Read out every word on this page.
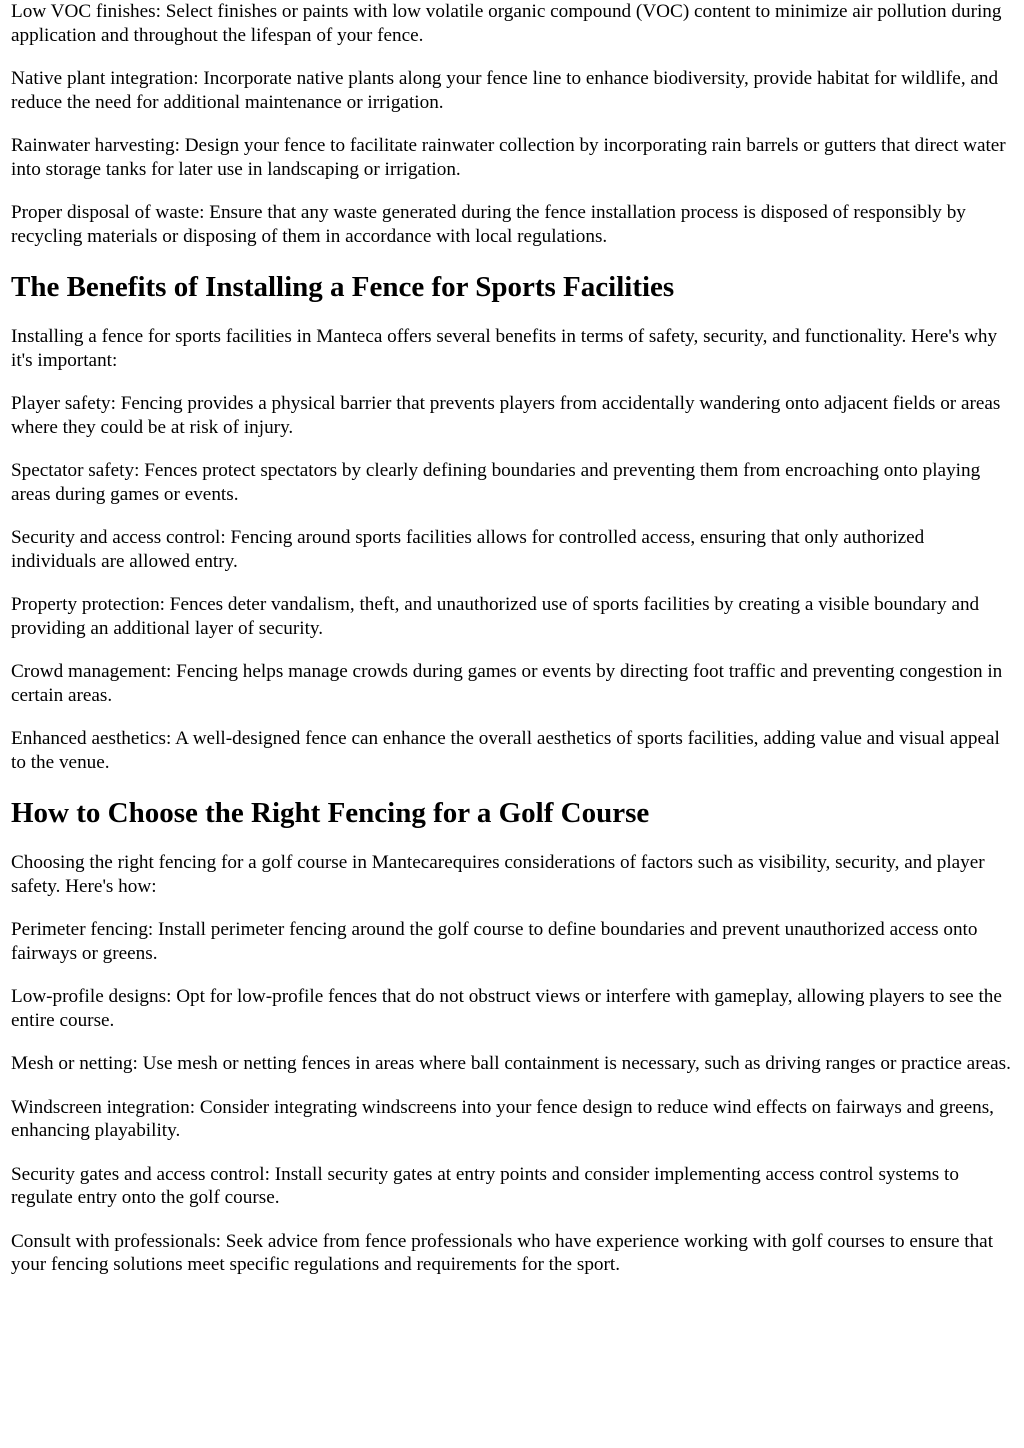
Low VOC finishes: Select finishes or paints with low volatile organic compound (VOC) content to minimize air pollution during application and throughout the lifespan of your fence.

Native plant integration: Incorporate native plants along your fence line to enhance biodiversity, provide habitat for wildlife, and reduce the need for additional maintenance or irrigation.

Rainwater harvesting: Design your fence to facilitate rainwater collection by incorporating rain barrels or gutters that direct water into storage tanks for later use in landscaping or irrigation.

Proper disposal of waste: Ensure that any waste generated during the fence installation process is disposed of responsibly by recycling materials or disposing of them in accordance with local regulations.

The Benefits of Installing a Fence for Sports Facilities

Installing a fence for sports facilities in Manteca offers several benefits in terms of safety, security, and functionality. Here's why it's important:

Player safety: Fencing provides a physical barrier that prevents players from accidentally wandering onto adjacent fields or areas where they could be at risk of injury.

Spectator safety: Fences protect spectators by clearly defining boundaries and preventing them from encroaching onto playing areas during games or events.

Security and access control: Fencing around sports facilities allows for controlled access, ensuring that only authorized individuals are allowed entry.

Property protection: Fences deter vandalism, theft, and unauthorized use of sports facilities by creating a visible boundary and providing an additional layer of security.

Crowd management: Fencing helps manage crowds during games or events by directing foot traffic and preventing congestion in certain areas.

Enhanced aesthetics: A well-designed fence can enhance the overall aesthetics of sports facilities, adding value and visual appeal to the venue.

How to Choose the Right Fencing for a Golf Course

Choosing the right fencing for a golf course in Mantecarequires considerations of factors such as visibility, security, and player safety. Here's how:

Perimeter fencing: Install perimeter fencing around the golf course to define boundaries and prevent unauthorized access onto fairways or greens.

Low-profile designs: Opt for low-profile fences that do not obstruct views or interfere with gameplay, allowing players to see the entire course.

Mesh or netting: Use mesh or netting fences in areas where ball containment is necessary, such as driving ranges or practice areas.

Windscreen integration: Consider integrating windscreens into your fence design to reduce wind effects on fairways and greens, enhancing playability.

Security gates and access control: Install security gates at entry points and consider implementing access control systems to regulate entry onto the golf course.

Consult with professionals: Seek advice from fence professionals who have experience working with golf courses to ensure that your fencing solutions meet specific regulations and requirements for the sport.
